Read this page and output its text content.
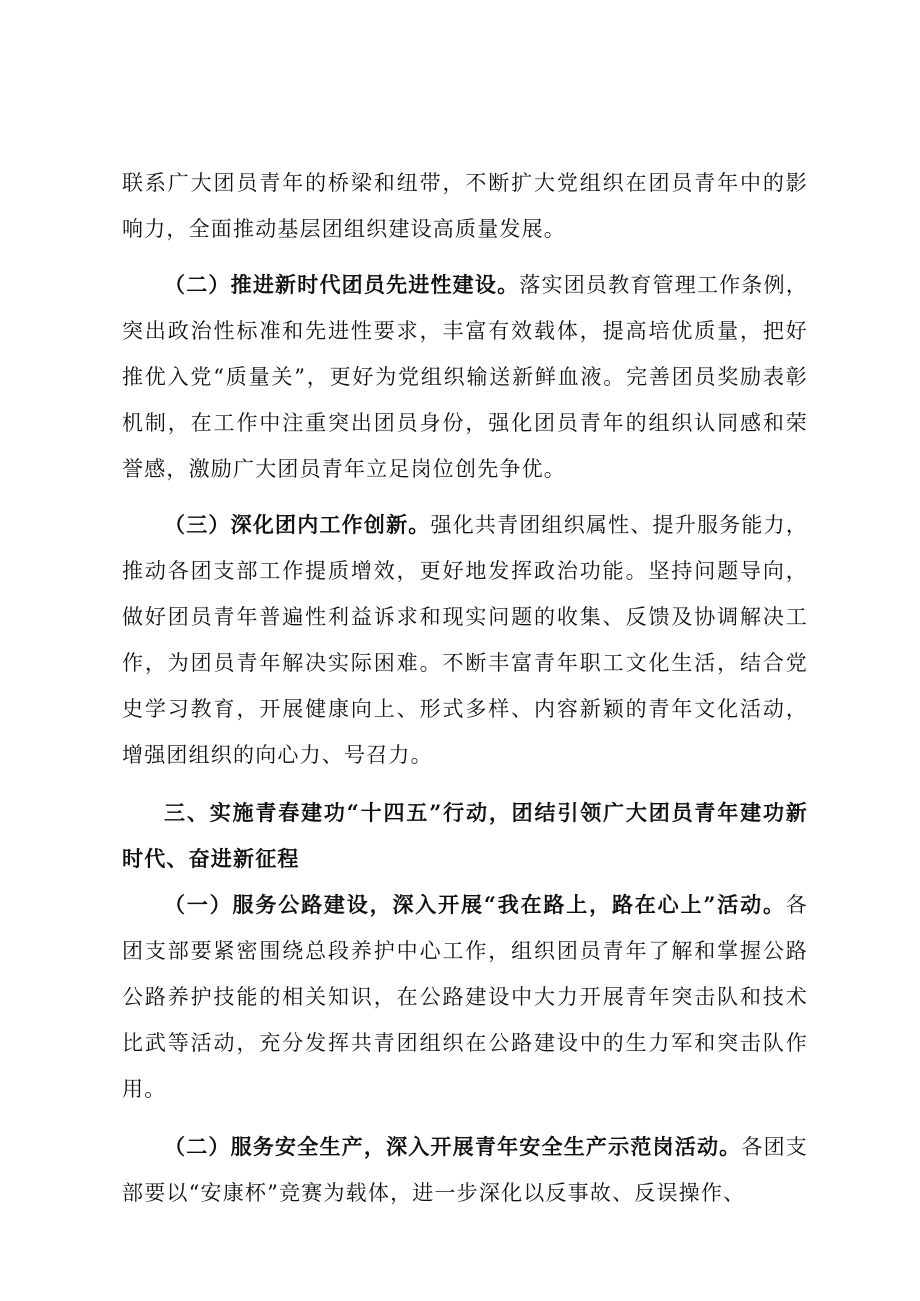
联系广大团员青年的桥梁和纽带，不断扩大党组织在团员青年中的影响力，全面推动基层团组织建设高质量发展。

（二）推进新时代团员先进性建设。落实团员教育管理工作条例，突出政治性标准和先进性要求，丰富有效载体，提高培优质量，把好推优入党“质量关”，更好为党组织输送新鲜血液。完善团员奖励表彰机制，在工作中注重突出团员身份，强化团员青年的组织认同感和荣誉感，激励广大团员青年立足岗位创先争优。

（三）深化团内工作创新。强化共青团组织属性、提升服务能力，推动各团支部工作提质增效，更好地发挥政治功能。坚持问题导向，做好团员青年普遍性利益诉求和现实问题的收集、反馈及协调解决工作，为团员青年解决实际困难。不断丰富青年职工文化生活，结合党史学习教育，开展健康向上、形式多样、内容新颖的青年文化活动，增强团组织的向心力、号召力。

三、实施青春建功“十四五”行动，团结引领广大团员青年建功新时代、奋进新征程

（一）服务公路建设，深入开展“我在路上，路在心上”活动。各团支部要紧密围绕总段养护中心工作，组织团员青年了解和掌握公路公路养护技能的相关知识，在公路建设中大力开展青年突击队和技术比武等活动，充分发挥共青团组织在公路建设中的生力军和突击队作用。

（二）服务安全生产，深入开展青年安全生产示范岗活动。各团支部要以“安康杯”竞赛为载体，进一步深化以反事故、反误操作、
